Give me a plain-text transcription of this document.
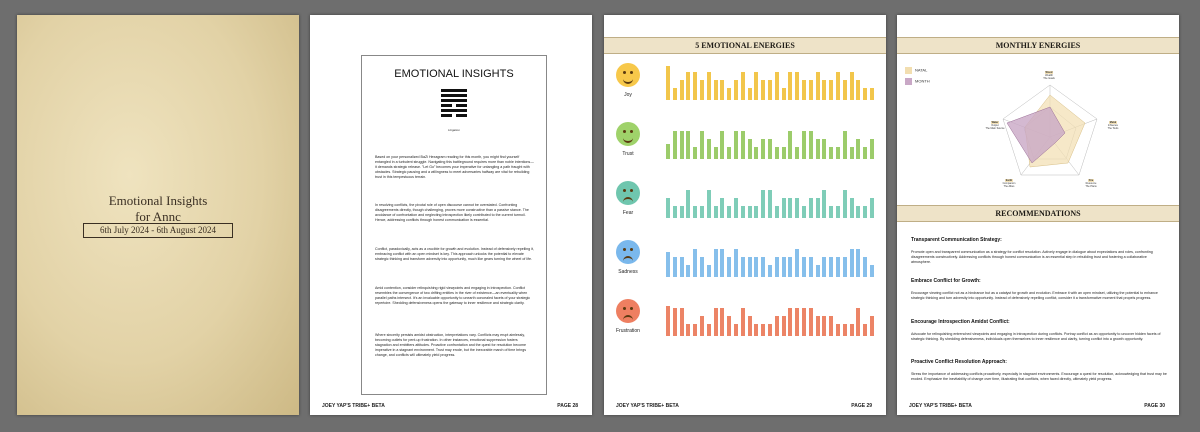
Emotional Insights
for Annc
6th July 2024 - 6th August 2024
EMOTIONAL INSIGHTS
Litigation
Based on your personalized BaZi Hexagram reading for this month, you might find yourself entangled in a turbulent struggle. Navigating this battleground requires more than noble intentions—it demands strategic release. "Let Go" becomes your imperative for untangling a path fraught with obstacles. Strategic pausing and a willingness to meet adversaries halfway are vital for rebuilding trust in this tempestuous terrain.
In resolving conflicts, the pivotal role of open discourse cannot be overstated. Confronting disagreements directly, though challenging, proves more constructive than a passive stance. The avoidance of confrontation and neglecting introspection likely contributed to the current turmoil. Hence, addressing conflicts through honest communication is essential.
Conflict, paradoxically, acts as a crucible for growth and evolution. Instead of defensively repelling it, embracing conflict with an open mindset is key. This approach unlocks the potential to elevate strategic thinking and transform adversity into opportunity, much like gears turning the wheel of life.
Amid contention, consider relinquishing rigid viewpoints and engaging in introspection. Conflict resembles the convergence of two drifting entities in the river of existence—an eventuality when parallel paths intersect. It's an invaluable opportunity to unearth concealed facets of your strategic repertoire. Shedding defensiveness opens the gateway to inner resilience and strategic clarity.
Where sincerity persists amidst obstruction, interpretations vary. Conflicts may erupt aimlessly, becoming outlets for pent-up frustration. In other instances, emotional suppression fosters stagnation and embitters attitudes. Proactive confrontation and the quest for resolution become imperative in a stagnant environment. Trust may erode, but the inexorable march of time brings change, and conflicts will ultimately yield progress.
JOEY YAP'S TRIBE+ BETA	PAGE 28
5 EMOTIONAL ENERGIES
Joy
Trust
Fear
Sadness
Frustration
JOEY YAP'S TRIBE+ BETA	PAGE 29
MONTHLY ENERGIES
NATAL
MONTH
Wood
Wealth
The Goals
Metal
Influence
The Tools
Fire
Resource
The Plans
Earth
Companion
The Allies
Water
Output
The Main Source
RECOMMENDATIONS
Transparent Communication Strategy:
Promote open and transparent communication as a strategy for conflict resolution. Actively engage in dialogue about expectations and roles, confronting disagreements constructively. Addressing conflicts through honest communication is an essential step in rebuilding trust and fostering a collaborative atmosphere.
Embrace Conflict for Growth:
Encourage viewing conflict not as a hindrance but as a catalyst for growth and evolution. Embrace it with an open mindset, utilizing the potential to enhance strategic thinking and turn adversity into opportunity. Instead of defensively repelling conflict, consider it a transformative moment that propels progress.
Encourage Introspection Amidst Conflict:
Advocate for relinquishing entrenched viewpoints and engaging in introspection during conflicts. Portray conflict as an opportunity to uncover hidden facets of strategic thinking. By shedding defensiveness, individuals open themselves to inner resilience and clarity, turning conflict into a growth opportunity.
Proactive Conflict Resolution Approach:
Stress the importance of addressing conflicts proactively, especially in stagnant environments. Encourage a quest for resolution, acknowledging that trust may be eroded. Emphasize the inevitability of change over time, illustrating that conflicts, when faced directly, ultimately yield progress.
JOEY YAP'S TRIBE+ BETA	PAGE 30
